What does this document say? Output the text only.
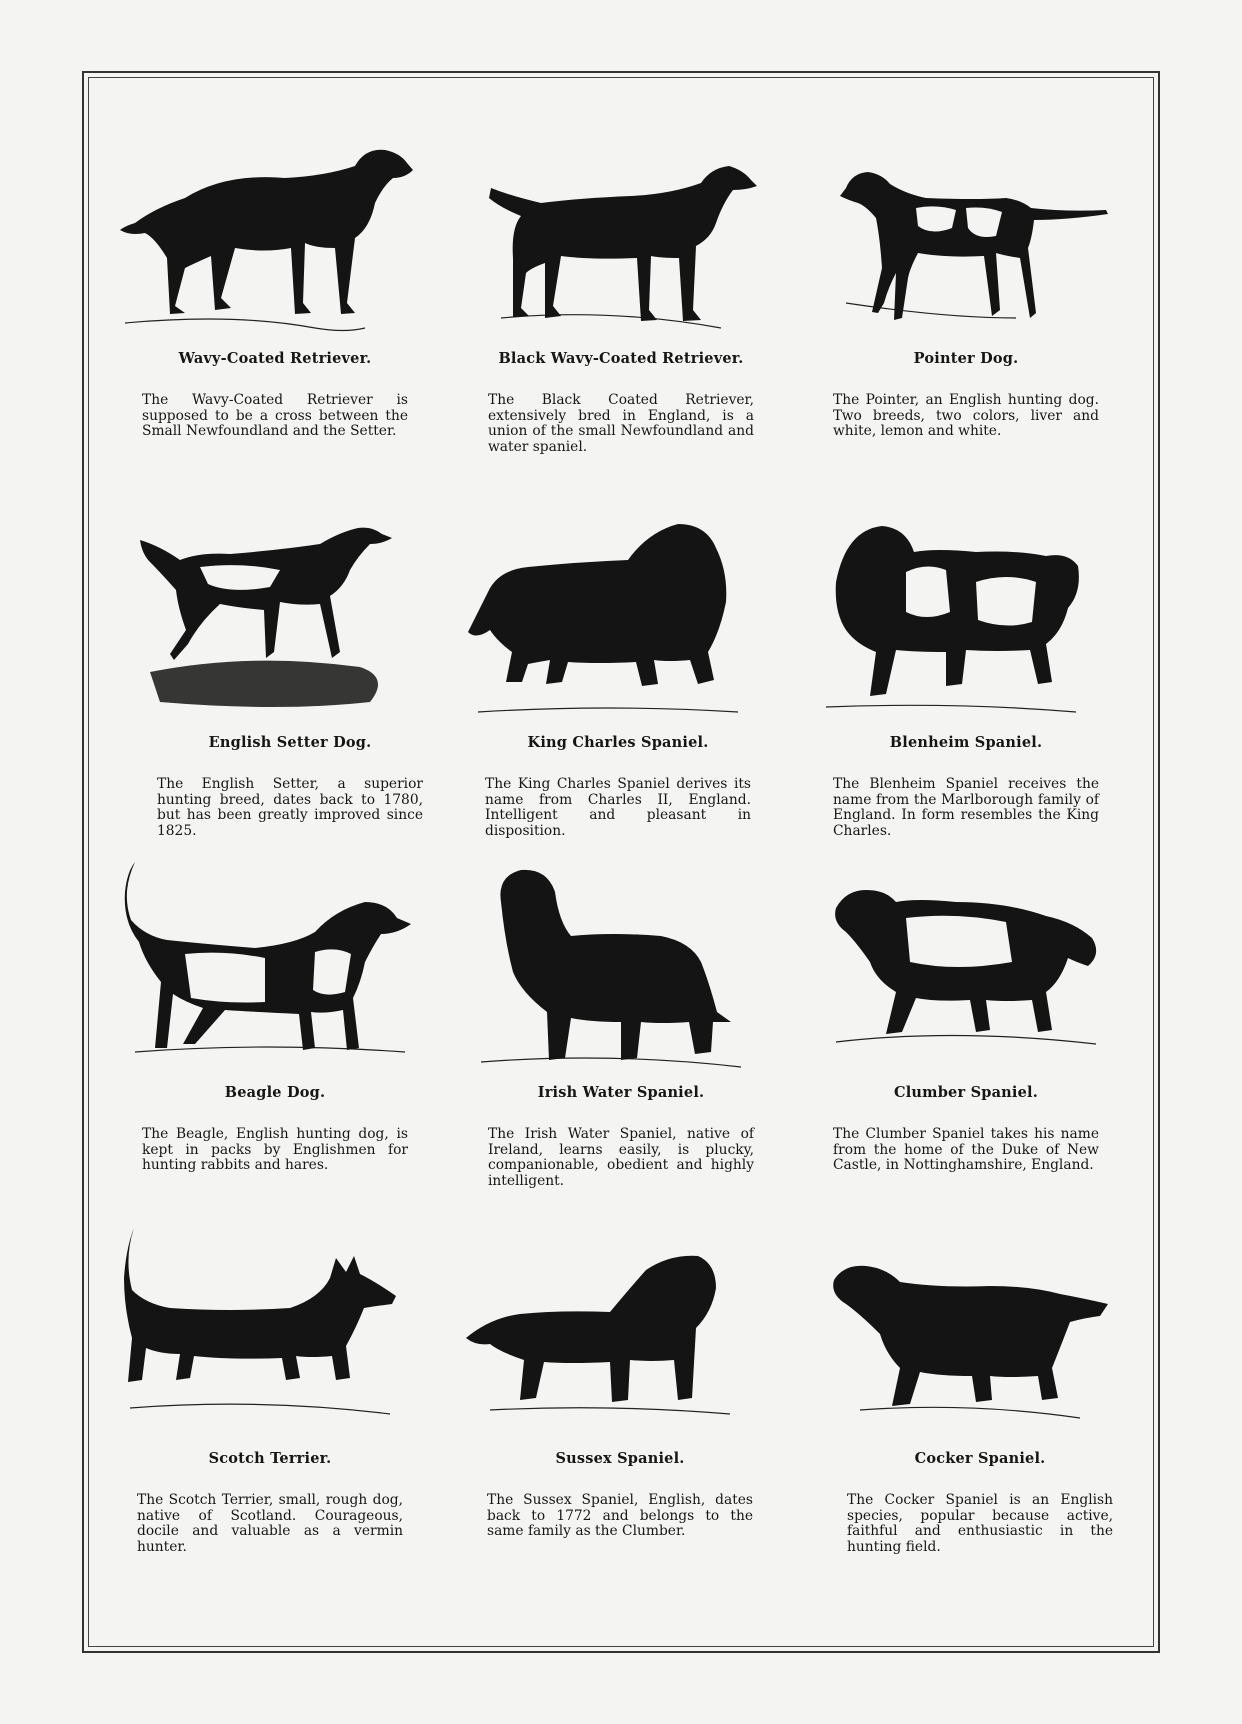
Wavy-Coated Retriever.
The Wavy-Coated Retriever is supposed to be a cross between the Small Newfoundland and the Setter.
Black Wavy-Coated Retriever.
The Black Coated Retriever, extensively bred in England, is a union of the small Newfoundland and water spaniel.
Pointer Dog.
The Pointer, an English hunting dog. Two breeds, two colors, liver and white, lemon and white.
English Setter Dog.
The English Setter, a superior hunting breed, dates back to 1780, but has been greatly improved since 1825.
King Charles Spaniel.
The King Charles Spaniel derives its name from Charles II, England. Intelligent and pleasant in disposition.
Blenheim Spaniel.
The Blenheim Spaniel receives the name from the Marlborough family of England. In form resembles the King Charles.
Beagle Dog.
The Beagle, English hunting dog, is kept in packs by Englishmen for hunting rabbits and hares.
Irish Water Spaniel.
The Irish Water Spaniel, native of Ireland, learns easily, is plucky, companionable, obedient and highly intelligent.
Clumber Spaniel.
The Clumber Spaniel takes his name from the home of the Duke of New Castle, in Nottinghamshire, England.
Scotch Terrier.
The Scotch Terrier, small, rough dog, native of Scotland. Courageous, docile and valuable as a vermin hunter.
Sussex Spaniel.
The Sussex Spaniel, English, dates back to 1772 and belongs to the same family as the Clumber.
Cocker Spaniel.
The Cocker Spaniel is an English species, popular because active, faithful and enthusiastic in the hunting field.
